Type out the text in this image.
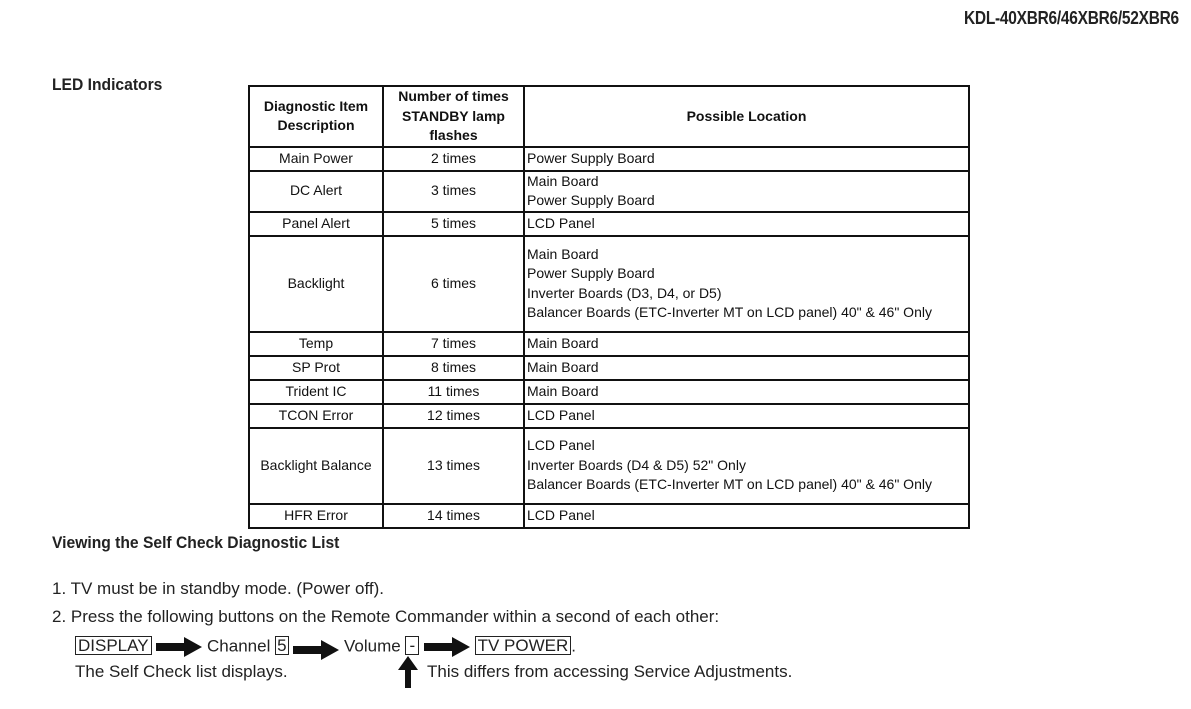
KDL-40XBR6/46XBR6/52XBR6
LED Indicators
Diagnostic Item Description	Number of times STANDBY lamp flashes	Possible Location
Main Power	2 times	Power Supply Board

DC Alert	3 times	Main Board
Power Supply Board

Panel Alert	5 times	LCD Panel

Backlight	6 times	Main Board
Power Supply Board
Inverter Boards (D3, D4, or D5)
Balancer Boards (ETC-Inverter MT on LCD panel) 40" & 46" Only

Temp	7 times	Main Board

SP Prot	8 times	Main Board

Trident IC	11 times	Main Board

TCON Error	12 times	LCD Panel

Backlight Balance	13 times	LCD Panel
Inverter Boards (D4 & D5) 52" Only
Balancer Boards (ETC-Inverter MT on LCD panel) 40" & 46" Only

HFR Error	14 times	LCD Panel
Viewing the Self Check Diagnostic List
1. TV must be in standby mode. (Power off).
2. Press the following buttons on the Remote Commander within a second of each other:
DISPLAY	Channel 5	Volume -	TV POWER .
The Self Check list displays.	This differs from accessing Service Adjustments.
